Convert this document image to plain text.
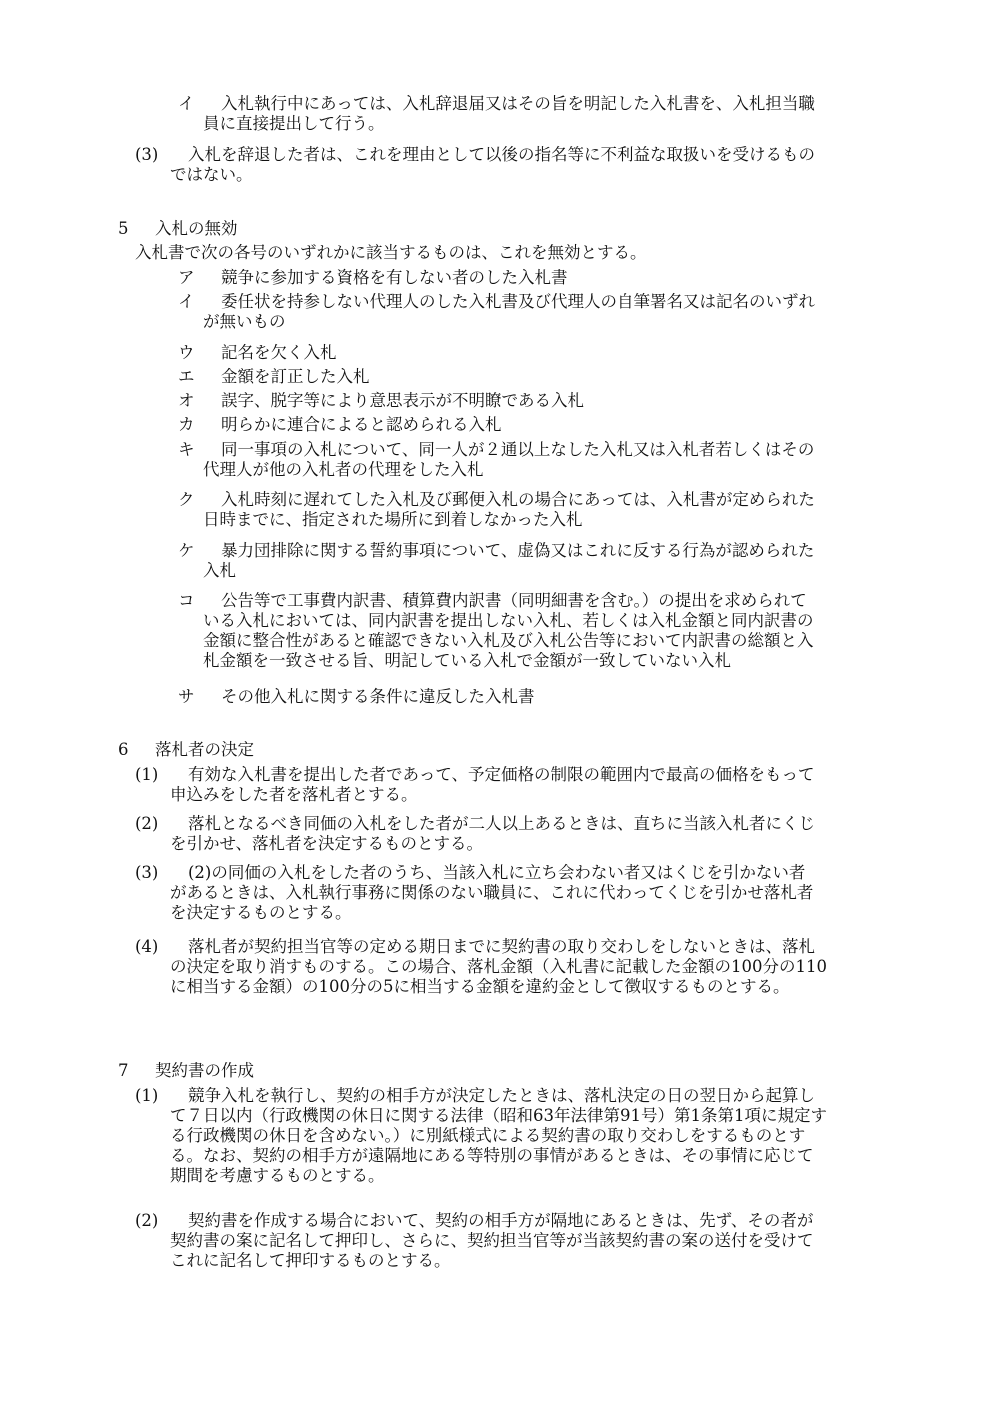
イ 入札執行中にあっては、入札辞退届又はその旨を明記した入札書を、入札担当職
員に直接提出して行う。
(3) 入札を辞退した者は、これを理由として以後の指名等に不利益な取扱いを受けるもの
ではない。
5 入札の無効
入札書で次の各号のいずれかに該当するものは、これを無効とする。
ア 競争に参加する資格を有しない者のした入札書
イ 委任状を持参しない代理人のした入札書及び代理人の自筆署名又は記名のいずれ
が無いもの
ウ 記名を欠く入札
エ 金額を訂正した入札
オ 誤字、脱字等により意思表示が不明瞭である入札
カ 明らかに連合によると認められる入札
キ 同一事項の入札について、同一人が２通以上なした入札又は入札者若しくはその
代理人が他の入札者の代理をした入札
ク 入札時刻に遅れてした入札及び郵便入札の場合にあっては、入札書が定められた
日時までに、指定された場所に到着しなかった入札
ケ 暴力団排除に関する誓約事項について、虚偽又はこれに反する行為が認められた
入札
コ 公告等で工事費内訳書、積算費内訳書（同明細書を含む。）の提出を求められて
いる入札においては、同内訳書を提出しない入札、若しくは入札金額と同内訳書の
金額に整合性があると確認できない入札及び入札公告等において内訳書の総額と入
札金額を一致させる旨、明記している入札で金額が一致していない入札
サ その他入札に関する条件に違反した入札書
6 落札者の決定
(1) 有効な入札書を提出した者であって、予定価格の制限の範囲内で最高の価格をもって
申込みをした者を落札者とする。
(2) 落札となるべき同価の入札をした者が二人以上あるときは、直ちに当該入札者にくじ
を引かせ、落札者を決定するものとする。
(3) (2)の同価の入札をした者のうち、当該入札に立ち会わない者又はくじを引かない者
があるときは、入札執行事務に関係のない職員に、これに代わってくじを引かせ落札者
を決定するものとする。
(4) 落札者が契約担当官等の定める期日までに契約書の取り交わしをしないときは、落札
の決定を取り消すものする。この場合、落札金額（入札書に記載した金額の100分の110
に相当する金額）の100分の5に相当する金額を違約金として徴収するものとする。
7 契約書の作成
(1) 競争入札を執行し、契約の相手方が決定したときは、落札決定の日の翌日から起算し
て７日以内（行政機関の休日に関する法律（昭和63年法律第91号）第1条第1項に規定す
る行政機関の休日を含めない。）に別紙様式による契約書の取り交わしをするものとす
る。なお、契約の相手方が遠隔地にある等特別の事情があるときは、その事情に応じて
期間を考慮するものとする。
(2) 契約書を作成する場合において、契約の相手方が隔地にあるときは、先ず、その者が
契約書の案に記名して押印し、さらに、契約担当官等が当該契約書の案の送付を受けて
これに記名して押印するものとする。
